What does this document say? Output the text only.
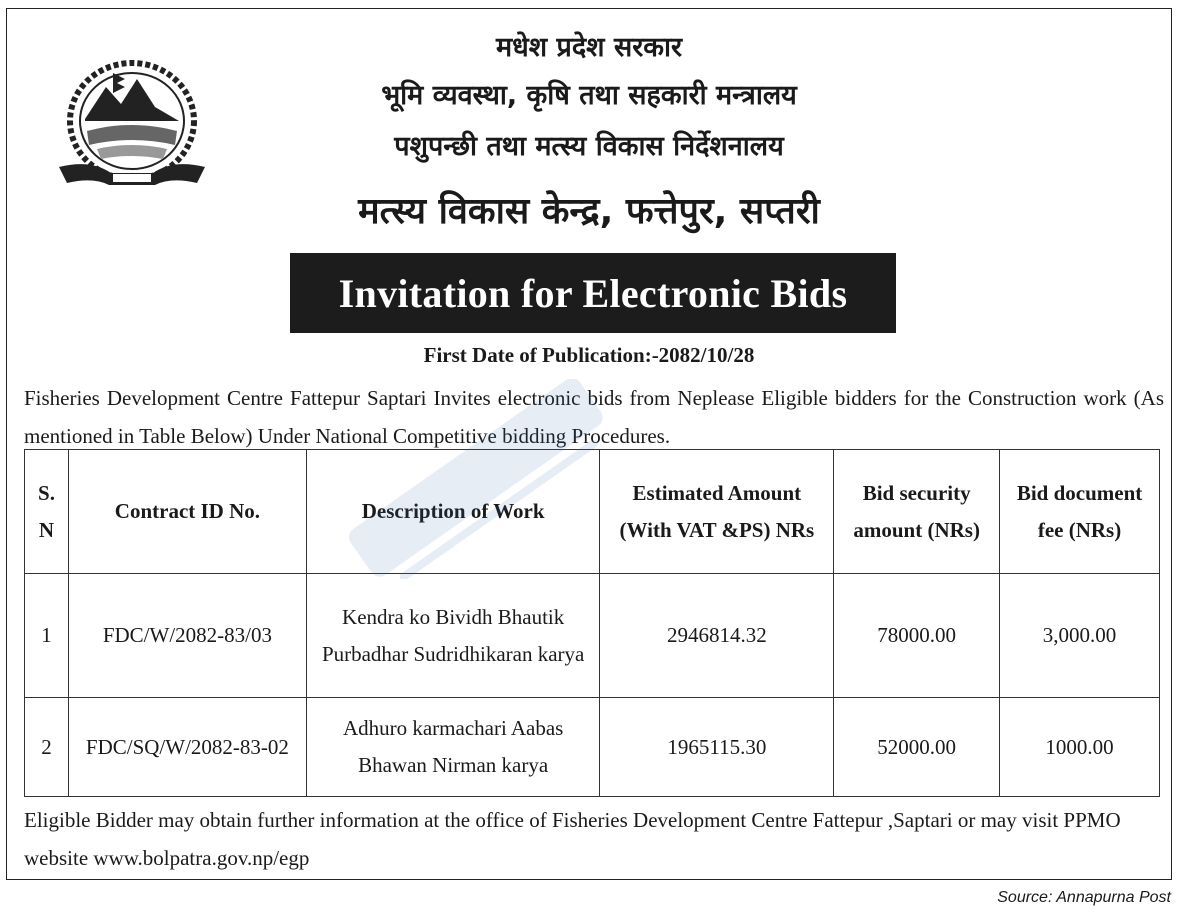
मधेश प्रदेश सरकार
भूमि व्यवस्था, कृषि तथा सहकारी मन्त्रालय
पशुपन्छी तथा मत्स्य विकास निर्देशनालय
मत्स्य विकास केन्द्र, फत्तेपुर, सप्तरी
Invitation for Electronic Bids
First Date of Publication:-2082/10/28
Fisheries Development Centre Fattepur Saptari Invites electronic bids from Neplease Eligible bidders for the Construction work (As mentioned in Table Below) Under National Competitive bidding Procedures.
S. N	Contract ID No.	Description of Work	Estimated Amount (With VAT &PS) NRs	Bid security amount (NRs)	Bid document fee (NRs)
1	FDC/W/2082-83/03	Kendra ko Bividh Bhautik Purbadhar Sudridhikaran karya	2946814.32	78000.00	3,000.00
2	FDC/SQ/W/2082-83-02	Adhuro karmachari Aabas Bhawan Nirman karya	1965115.30	52000.00	1000.00
Eligible Bidder may obtain further information at the office of Fisheries Development Centre Fattepur ,Saptari or may visit PPMO website www.bolpatra.gov.np/egp
Source: Annapurna Post
